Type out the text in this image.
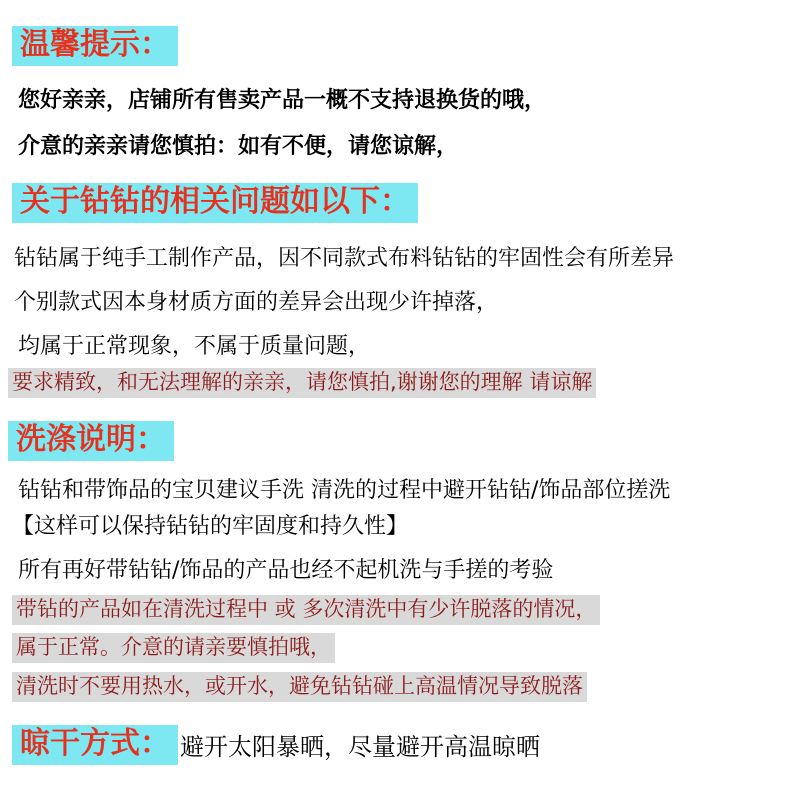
温馨提示：
您好亲亲，店铺所有售卖产品一概不支持退换货的哦，
介意的亲亲请您慎拍：如有不便，请您谅解，
关于钻钻的相关问题如以下：
钻钻属于纯手工制作产品，因不同款式布料钻钻的牢固性会有所差异
个别款式因本身材质方面的差异会出现少许掉落，
均属于正常现象，不属于质量问题，
要求精致，和无法理解的亲亲，请您慎拍,谢谢您的理解 请谅解
洗涤说明：
钻钻和带饰品的宝贝建议手洗 清洗的过程中避开钻钻/饰品部位搓洗
【这样可以保持钻钻的牢固度和持久性】
所有再好带钻钻/饰品的产品也经不起机洗与手搓的考验
带钻的产品如在清洗过程中 或 多次清洗中有少许脱落的情况，
属于正常。介意的请亲要慎拍哦，
清洗时不要用热水，或开水，避免钻钻碰上高温情况导致脱落
晾干方式： 避开太阳暴晒，尽量避开高温晾晒
